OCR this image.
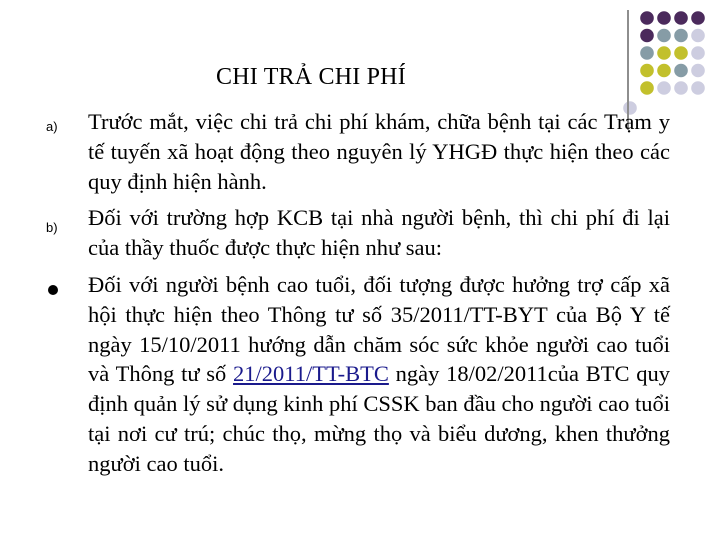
CHI TRẢ CHI PHÍ
a) Trước mắt, việc chi trả chi phí khám, chữa bệnh tại các Trạm y tế tuyến xã hoạt động theo nguyên lý YHGĐ thực hiện theo các quy định hiện hành.
b) Đối với trường hợp KCB tại nhà người bệnh, thì chi phí đi lại của thầy thuốc được thực hiện như sau:
Đối với người bệnh cao tuổi, đối tượng được hưởng trợ cấp xã hội thực hiện theo Thông tư số 35/2011/TT-BYT của Bộ Y tế ngày 15/10/2011 hướng dẫn chăm sóc sức khỏe người cao tuổi và Thông tư số 21/2011/TT-BTC ngày 18/02/2011của BTC quy định quản lý sử dụng kinh phí CSSK ban đầu cho người cao tuổi tại nơi cư trú; chúc thọ, mừng thọ và biểu dương, khen thưởng người cao tuổi.
